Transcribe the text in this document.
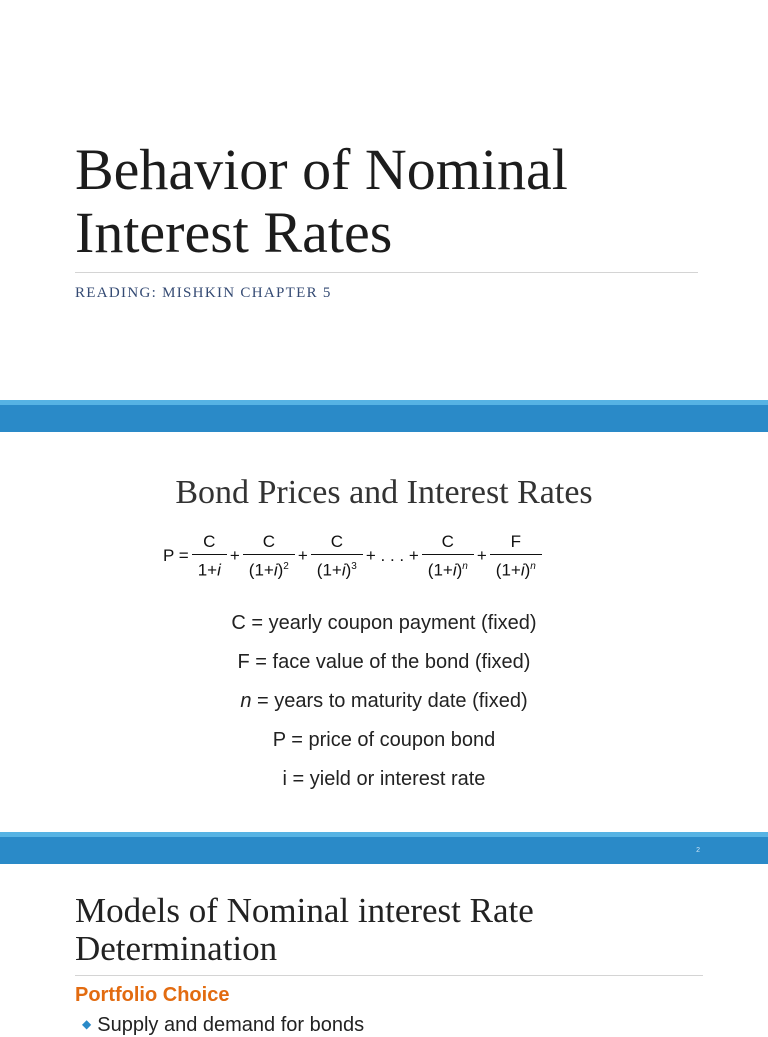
Behavior of Nominal
Interest Rates
READING: MISHKIN CHAPTER 5
Bond Prices and Interest Rates
$P = \frac{C}{1+i} + \frac{C}{(1+i)^2} + \frac{C}{(1+i)^3}$ + . . . + $\frac{C}{(1+i)^n} + \frac{F}{(1+i)^n}$
C = yearly coupon payment (fixed)
F = face value of the bond (fixed)
n = years to maturity date (fixed)
P = price of coupon bond
i = yield or interest rate
2
Models of Nominal interest Rate
Determination
Portfolio Choice
◆ Supply and demand for bonds
